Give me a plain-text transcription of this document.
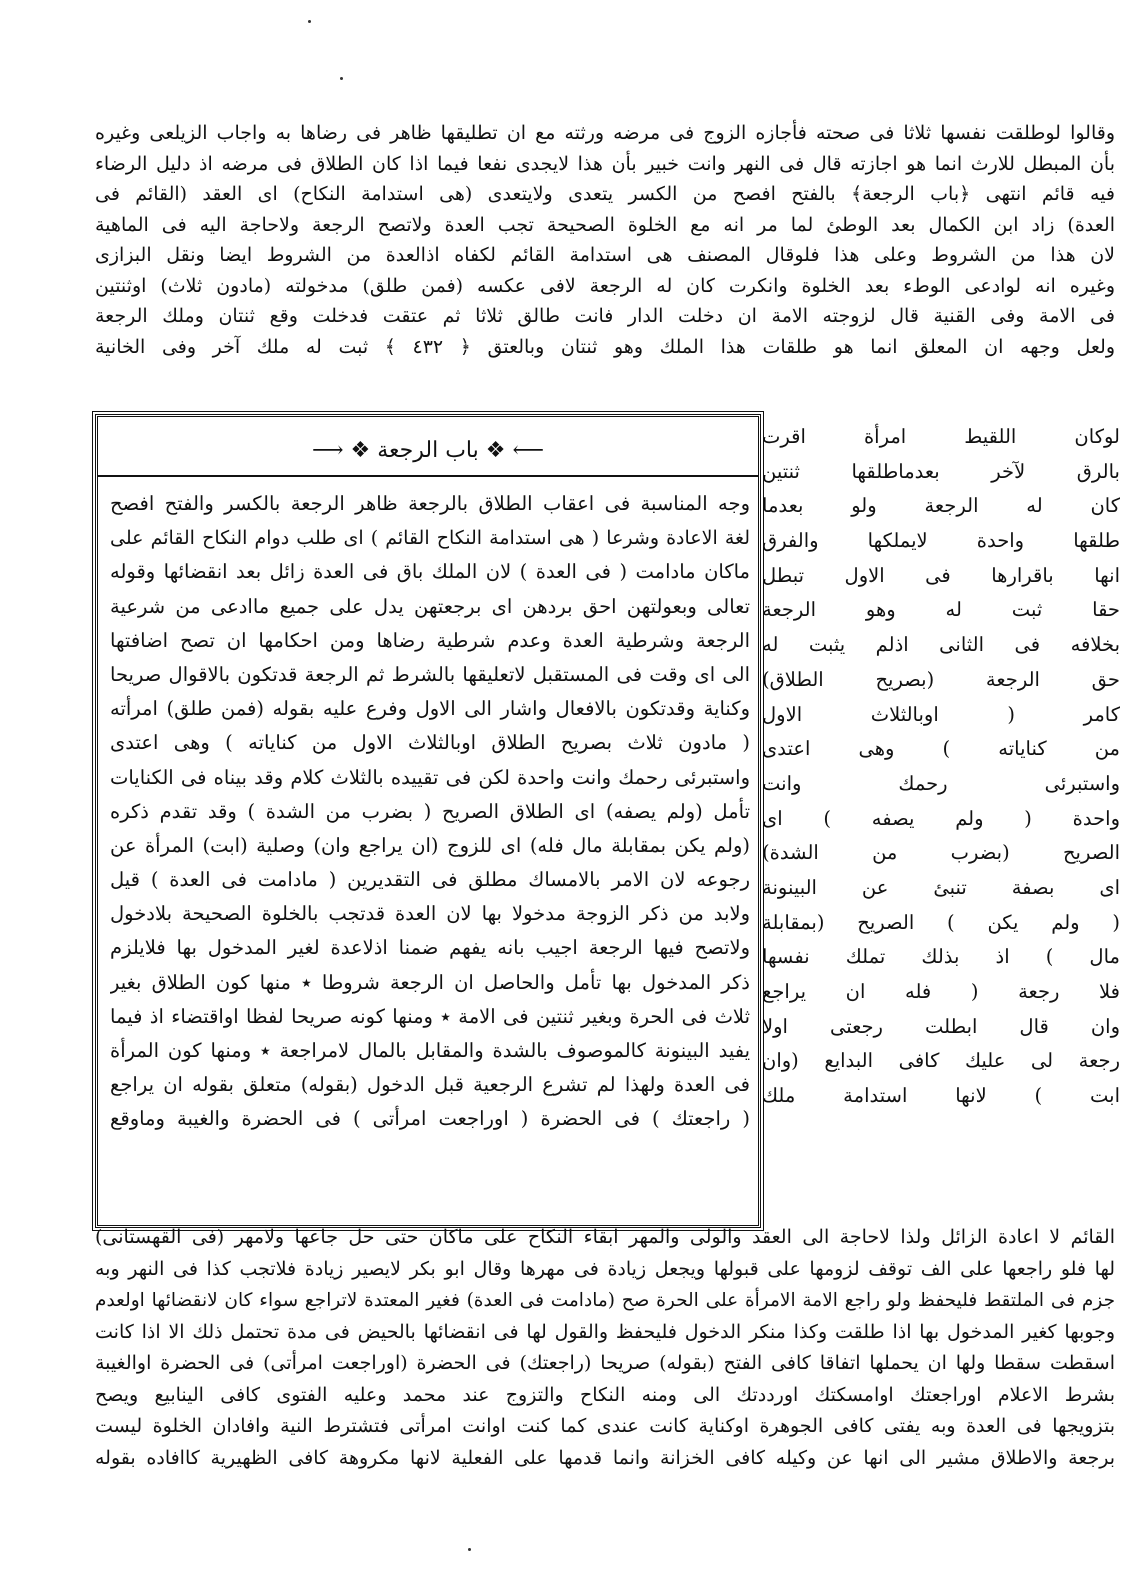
وقالوا لوطلقت نفسها ثلاثا فى صحته فأجازه الزوج فى مرضه ورثته مع ان تطليقها ظاهر فى رضاها به واجاب الزيلعى وغيره
بأن المبطل للارث انما هو اجازته قال فى النهر وانت خبير بأن هذا لايجدى نفعا فيما اذا كان الطلاق فى مرضه اذ دليل الرضاء
فيه قائم انتهى ﴿باب الرجعة﴾ بالفتح افصح من الكسر يتعدى ولايتعدى (هى استدامة النكاح) اى العقد (القائم فى
العدة) زاد ابن الكمال بعد الوطئ لما مر انه مع الخلوة الصحيحة تجب العدة ولاتصح الرجعة ولاحاجة اليه فى الماهية
لان هذا من الشروط وعلى هذا فلوقال المصنف هى استدامة القائم لكفاه اذالعدة من الشروط ايضا ونقل البزازى
وغيره انه لوادعى الوطء بعد الخلوة وانكرت كان له الرجعة لافى عكسه (فمن طلق) مدخولته (مادون ثلاث) اوثنتين
فى الامة وفى القنية قال لزوجته الامة ان دخلت الدار فانت طالق ثلاثا ثم عتقت فدخلت وقع ثنتان وملك الرجعة
ولعل وجهه ان المعلق انما هو طلقات هذا الملك وهو ثنتان وبالعتق ﴿ ٤٣٢ ﴾ ثبت له ملك آخر وفى الخانية
⟵ ❖ باب الرجعة ❖ ⟶
وجه المناسبة فى اعقاب الطلاق بالرجعة ظاهر الرجعة بالكسر والفتح افصح
لغة الاعادة وشرعا ( هى استدامة النكاح القائم ) اى طلب دوام النكاح القائم على
ماكان مادامت ( فى العدة ) لان الملك باق فى العدة زائل بعد انقضائها وقوله
تعالى وبعولتهن احق بردهن اى برجعتهن يدل على جميع ماادعى من شرعية
الرجعة وشرطية العدة وعدم شرطية رضاها ومن احكامها ان تصح اضافتها
الى اى وقت فى المستقبل لاتعليقها بالشرط ثم الرجعة قدتكون بالاقوال صريحا
وكناية وقدتكون بالافعال واشار الى الاول وفرع عليه بقوله (فمن طلق) امرأته
( مادون ثلاث بصريح الطلاق اوبالثلاث الاول من كناياته ) وهى اعتدى
واستبرئى رحمك وانت واحدة لكن فى تقييده بالثلاث كلام وقد بيناه فى الكنايات
تأمل (ولم يصفه) اى الطلاق الصريح ( بضرب من الشدة ) وقد تقدم ذكره
(ولم يكن بمقابلة مال فله) اى للزوج (ان يراجع وان) وصلية (ابت) المرأة عن
رجوعه لان الامر بالامساك مطلق فى التقديرين ( مادامت فى العدة ) قيل
ولابد من ذكر الزوجة مدخولا بها لان العدة قدتجب بالخلوة الصحيحة بلادخول
ولاتصح فيها الرجعة اجيب بانه يفهم ضمنا اذلاعدة لغير المدخول بها فلايلزم
ذكر المدخول بها تأمل والحاصل ان الرجعة شروطا ٭ منها كون الطلاق بغير
ثلاث فى الحرة وبغير ثنتين فى الامة ٭ ومنها كونه صريحا لفظا اواقتضاء اذ فيما
يفيد البينونة كالموصوف بالشدة والمقابل بالمال لامراجعة ٭ ومنها كون المرأة
فى العدة ولهذا لم تشرع الرجعية قبل الدخول (بقوله) متعلق بقوله ان يراجع
( راجعتك ) فى الحضرة ( اوراجعت امرأتى ) فى الحضرة والغيبة وماوقع
لوكان اللقيط امرأة اقرت
بالرق لآخر بعدماطلقها ثنتين
كان له الرجعة ولو بعدما
طلقها واحدة لايملكها والفرق
انها باقرارها فى الاول تبطل
حقا ثبت له وهو الرجعة
بخلافه فى الثانى اذلم يثبت له
حق الرجعة (بصريح الطلاق)
كامر ( اوبالثلاث الاول
من كناياته ) وهى اعتدى
واستبرئى رحمك وانت
واحدة ( ولم يصفه ) اى
الصريح (بضرب من الشدة)
اى بصفة تنبئ عن البينونة
( ولم يكن ) الصريح (بمقابلة
مال ) اذ بذلك تملك نفسها
فلا رجعة ( فله ان يراجع
وان قال ابطلت رجعتى اولا
رجعة لى عليك كافى البدايع (وان
ابت ) لانها استدامة ملك
القائم لا اعادة الزائل ولذا لاحاجة الى العقد والولى والمهر ابقاء النكاح على ماكان حتى حل جاعها ولامهر (فى القهستانى)
لها فلو راجعها على الف توقف لزومها على قبولها ويجعل زيادة فى مهرها وقال ابو بكر لايصير زيادة فلاتجب كذا فى النهر وبه
جزم فى الملتقط فليحفظ ولو راجع الامة الامرأة على الحرة صح (مادامت فى العدة) فغير المعتدة لاتراجع سواء كان لانقضائها اولعدم
وجوبها كغير المدخول بها اذا طلقت وكذا منكر الدخول فليحفظ والقول لها فى انقضائها بالحيض فى مدة تحتمل ذلك الا اذا كانت
اسقطت سقطا ولها ان يحملها اتفاقا كافى الفتح (بقوله) صريحا (راجعتك) فى الحضرة (اوراجعت امرأتى) فى الحضرة اوالغيبة
بشرط الاعلام اوراجعتك اوامسكتك اورددتك الى ومنه النكاح والتزوج عند محمد وعليه الفتوى كافى الينابيع ويصح
بتزويجها فى العدة وبه يفتى كافى الجوهرة اوكناية كانت عندى كما كنت اوانت امرأتى فتشترط النية وافادان الخلوة ليست
برجعة والاطلاق مشير الى انها عن وكيله كافى الخزانة وانما قدمها على الفعلية لانها مكروهة كافى الظهيرية كاافاده بقوله
